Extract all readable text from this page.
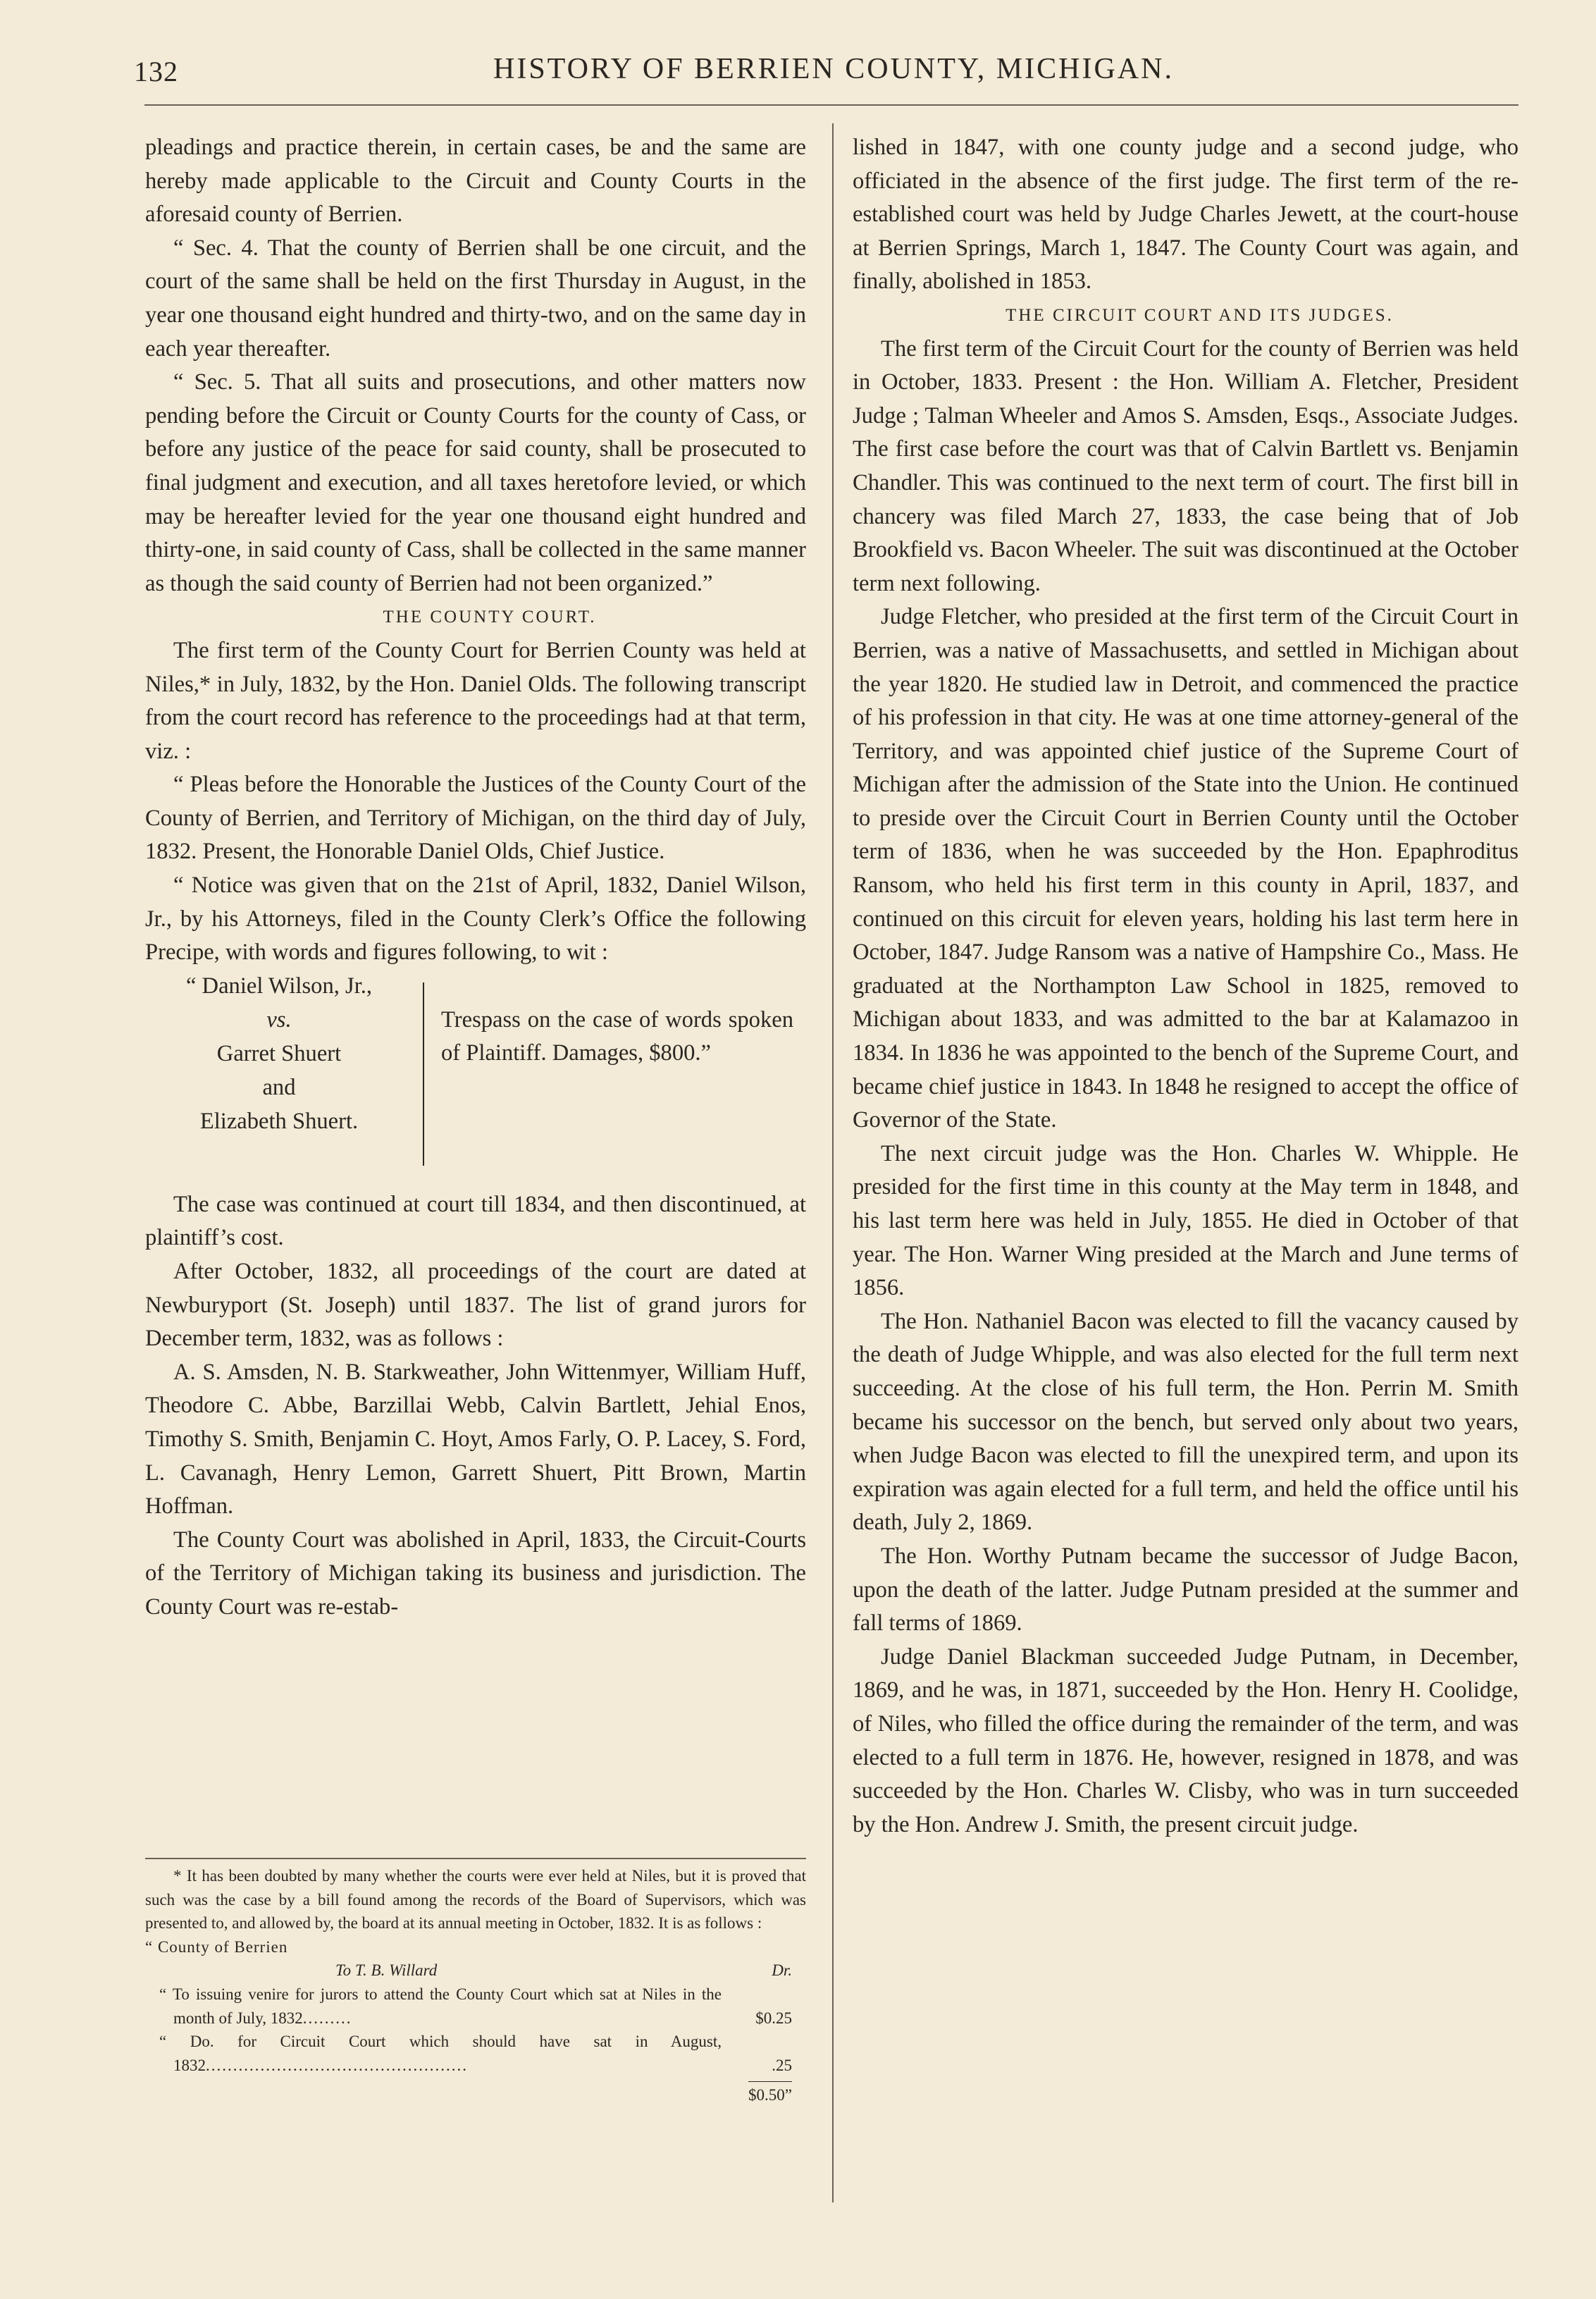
132	HISTORY OF BERRIEN COUNTY, MICHIGAN.

pleadings and practice therein, in certain cases, be and the same are hereby made applicable to the Circuit and County Courts in the aforesaid county of Berrien.

“ Sec. 4. That the county of Berrien shall be one circuit, and the court of the same shall be held on the first Thursday in August, in the year one thousand eight hundred and thirty-two, and on the same day in each year thereafter.

“ Sec. 5. That all suits and prosecutions, and other matters now pending before the Circuit or County Courts for the county of Cass, or before any justice of the peace for said county, shall be prosecuted to final judgment and execution, and all taxes heretofore levied, or which may be hereafter levied for the year one thousand eight hundred and thirty-one, in said county of Cass, shall be collected in the same manner as though the said county of Berrien had not been organized.”

THE COUNTY COURT.

The first term of the County Court for Berrien County was held at Niles,* in July, 1832, by the Hon. Daniel Olds. The following transcript from the court record has reference to the proceedings had at that term, viz. :

“ Pleas before the Honorable the Justices of the County Court of the County of Berrien, and Territory of Michigan, on the third day of July, 1832. Present, the Honorable Daniel Olds, Chief Justice.

“ Notice was given that on the 21st of April, 1832, Daniel Wilson, Jr., by his Attorneys, filed in the County Clerk’s Office the following Precipe, with words and figures following, to wit :

“ Daniel Wilson, Jr.,
vs.
Garret Shuert
and
Elizabeth Shuert.
Trespass on the case of words spoken of Plaintiff. Damages, $800.”

The case was continued at court till 1834, and then discontinued, at plaintiff’s cost.

After October, 1832, all proceedings of the court are dated at Newburyport (St. Joseph) until 1837. The list of grand jurors for December term, 1832, was as follows :

A. S. Amsden, N. B. Starkweather, John Wittenmyer, William Huff, Theodore C. Abbe, Barzillai Webb, Calvin Bartlett, Jehial Enos, Timothy S. Smith, Benjamin C. Hoyt, Amos Farly, O. P. Lacey, S. Ford, L. Cavanagh, Henry Lemon, Garrett Shuert, Pitt Brown, Martin Hoffman.

The County Court was abolished in April, 1833, the Circuit-Courts of the Territory of Michigan taking its business and jurisdiction. The County Court was re-estab-

* It has been doubted by many whether the courts were ever held at Niles, but it is proved that such was the case by a bill found among the records of the Board of Supervisors, which was presented to, and allowed by, the board at its annual meeting in October, 1832. It is as follows :

“ County of Berrien

To T. B. Willard	Dr.
“ To issuing venire for jurors to attend the County Court which sat at Niles in the month of July, 1832.........	$0.25
“ Do. for Circuit Court which should have sat in August, 1832................................................	.25
$0.50”

lished in 1847, with one county judge and a second judge, who officiated in the absence of the first judge. The first term of the re-established court was held by Judge Charles Jewett, at the court-house at Berrien Springs, March 1, 1847. The County Court was again, and finally, abolished in 1853.

THE CIRCUIT COURT AND ITS JUDGES.

The first term of the Circuit Court for the county of Berrien was held in October, 1833. Present : the Hon. William A. Fletcher, President Judge ; Talman Wheeler and Amos S. Amsden, Esqs., Associate Judges. The first case before the court was that of Calvin Bartlett vs. Benjamin Chandler. This was continued to the next term of court. The first bill in chancery was filed March 27, 1833, the case being that of Job Brookfield vs. Bacon Wheeler. The suit was discontinued at the October term next following.

Judge Fletcher, who presided at the first term of the Circuit Court in Berrien, was a native of Massachusetts, and settled in Michigan about the year 1820. He studied law in Detroit, and commenced the practice of his profession in that city. He was at one time attorney-general of the Territory, and was appointed chief justice of the Supreme Court of Michigan after the admission of the State into the Union. He continued to preside over the Circuit Court in Berrien County until the October term of 1836, when he was succeeded by the Hon. Epaphroditus Ransom, who held his first term in this county in April, 1837, and continued on this circuit for eleven years, holding his last term here in October, 1847. Judge Ransom was a native of Hampshire Co., Mass. He graduated at the Northampton Law School in 1825, removed to Michigan about 1833, and was admitted to the bar at Kalamazoo in 1834. In 1836 he was appointed to the bench of the Supreme Court, and became chief justice in 1843. In 1848 he resigned to accept the office of Governor of the State.

The next circuit judge was the Hon. Charles W. Whipple. He presided for the first time in this county at the May term in 1848, and his last term here was held in July, 1855. He died in October of that year. The Hon. Warner Wing presided at the March and June terms of 1856.

The Hon. Nathaniel Bacon was elected to fill the vacancy caused by the death of Judge Whipple, and was also elected for the full term next succeeding. At the close of his full term, the Hon. Perrin M. Smith became his successor on the bench, but served only about two years, when Judge Bacon was elected to fill the unexpired term, and upon its expiration was again elected for a full term, and held the office until his death, July 2, 1869.

The Hon. Worthy Putnam became the successor of Judge Bacon, upon the death of the latter. Judge Putnam presided at the summer and fall terms of 1869.

Judge Daniel Blackman succeeded Judge Putnam, in December, 1869, and he was, in 1871, succeeded by the Hon. Henry H. Coolidge, of Niles, who filled the office during the remainder of the term, and was elected to a full term in 1876. He, however, resigned in 1878, and was succeeded by the Hon. Charles W. Clisby, who was in turn succeeded by the Hon. Andrew J. Smith, the present circuit judge.
